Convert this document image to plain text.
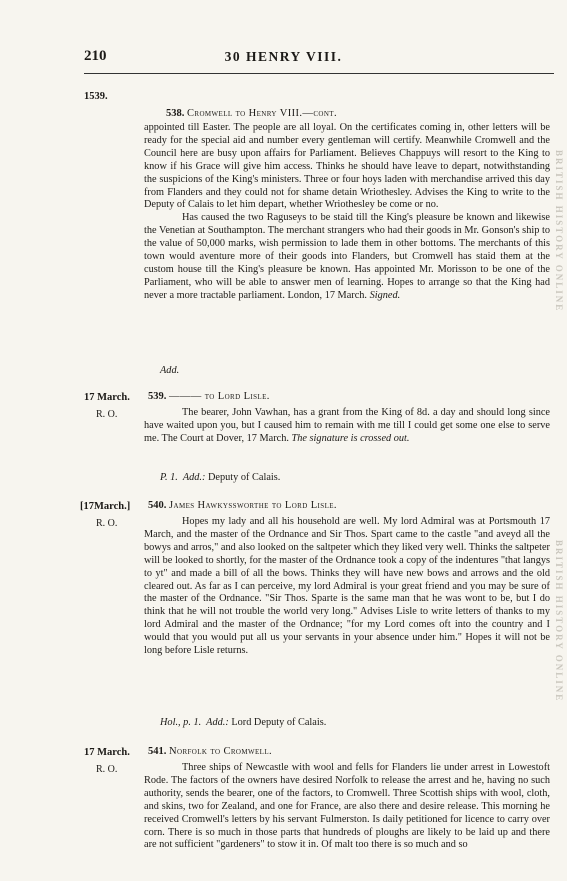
210	30 HENRY VIII.
1539.
538. Cromwell to Henry VIII.—cont.

appointed till Easter. The people are all loyal. On the certificates coming in, other letters will be ready for the special aid and number every gentleman will certify. Meanwhile Cromwell and the Council here are busy upon affairs for Parliament. Believes Chappuys will resort to the King to know if his Grace will give him access. Thinks he should have leave to depart, notwithstanding the suspicions of the King's ministers. Three or four hoys laden with merchandise arrived this day from Flanders and they could not for shame detain Wriothesley. Advises the King to write to the Deputy of Calais to let him depart, whether Wriothesley be come or no.

Has caused the two Raguseys to be staid till the King's pleasure be known and likewise the Venetian at Southampton. The merchant strangers who had their goods in Mr. Gonson's ship to the value of 50,000 marks, wish permission to lade them in other bottoms. The merchants of this town would aventure more of their goods into Flanders, but Cromwell has staid them at the custom house till the King's pleasure be known. Has appointed Mr. Morisson to be one of the Parliament, who will be able to answer men of learning. Hopes to arrange so that the King had never a more tractable parliament. London, 17 March. Signed.

Add.
17 March. 539. ——— to Lord Lisle.
R. O.	The bearer, John Vawhan, has a grant from the King of 8d. a day and should long since have waited upon you, but I caused him to remain with me till I could get some one else to serve me. The Court at Dover, 17 March. The signature is crossed out.

P. 1. Add.: Deputy of Calais.
[17March.] 540. James Hawkyssworthe to Lord Lisle.
R. O.	Hopes my lady and all his household are well. My lord Admiral was at Portsmouth 17 March, and the master of the Ordnance and Sir Thos. Spart came to the castle "and aveyd all the bowys and arros," and also looked on the saltpeter which they liked very well. Thinks the saltpeter will be looked to shortly, for the master of the Ordnance took a copy of the indentures "that langys to yt" and made a bill of all the bows. Thinks they will have new bows and arrows and the old cleared out. As far as I can perceive, my lord Admiral is your great friend and you may be sure of the master of the Ordnance. "Sir Thos. Sparte is the same man that he was wont to be, but I do think that he will not trouble the world very long." Advises Lisle to write letters of thanks to my lord Admiral and the master of the Ordnance; "for my Lord comes oft into the country and I would that you would put all us your servants in your absence under him." Hopes it will not be long before Lisle returns.

Hol., p. 1. Add.: Lord Deputy of Calais.
17 March. 541. Norfolk to Cromwell.
R. O.	Three ships of Newcastle with wool and fells for Flanders lie under arrest in Lowestoft Rode. The factors of the owners have desired Norfolk to release the arrest and he, having no such authority, sends the bearer, one of the factors, to Cromwell. Three Scottish ships with wool, cloth, and skins, two for Zealand, and one for France, are also there and desire release. This morning he received Cromwell's letters by his servant Fulmerston. Is daily petitioned for licence to carry over corn. There is so much in those parts that hundreds of ploughs are likely to be laid up and there are not sufficient "gardeners" to stow it in. Of malt too there is so much and so

BRITISH HISTORY ONLINE
BRITISH HISTORY ONLINE
